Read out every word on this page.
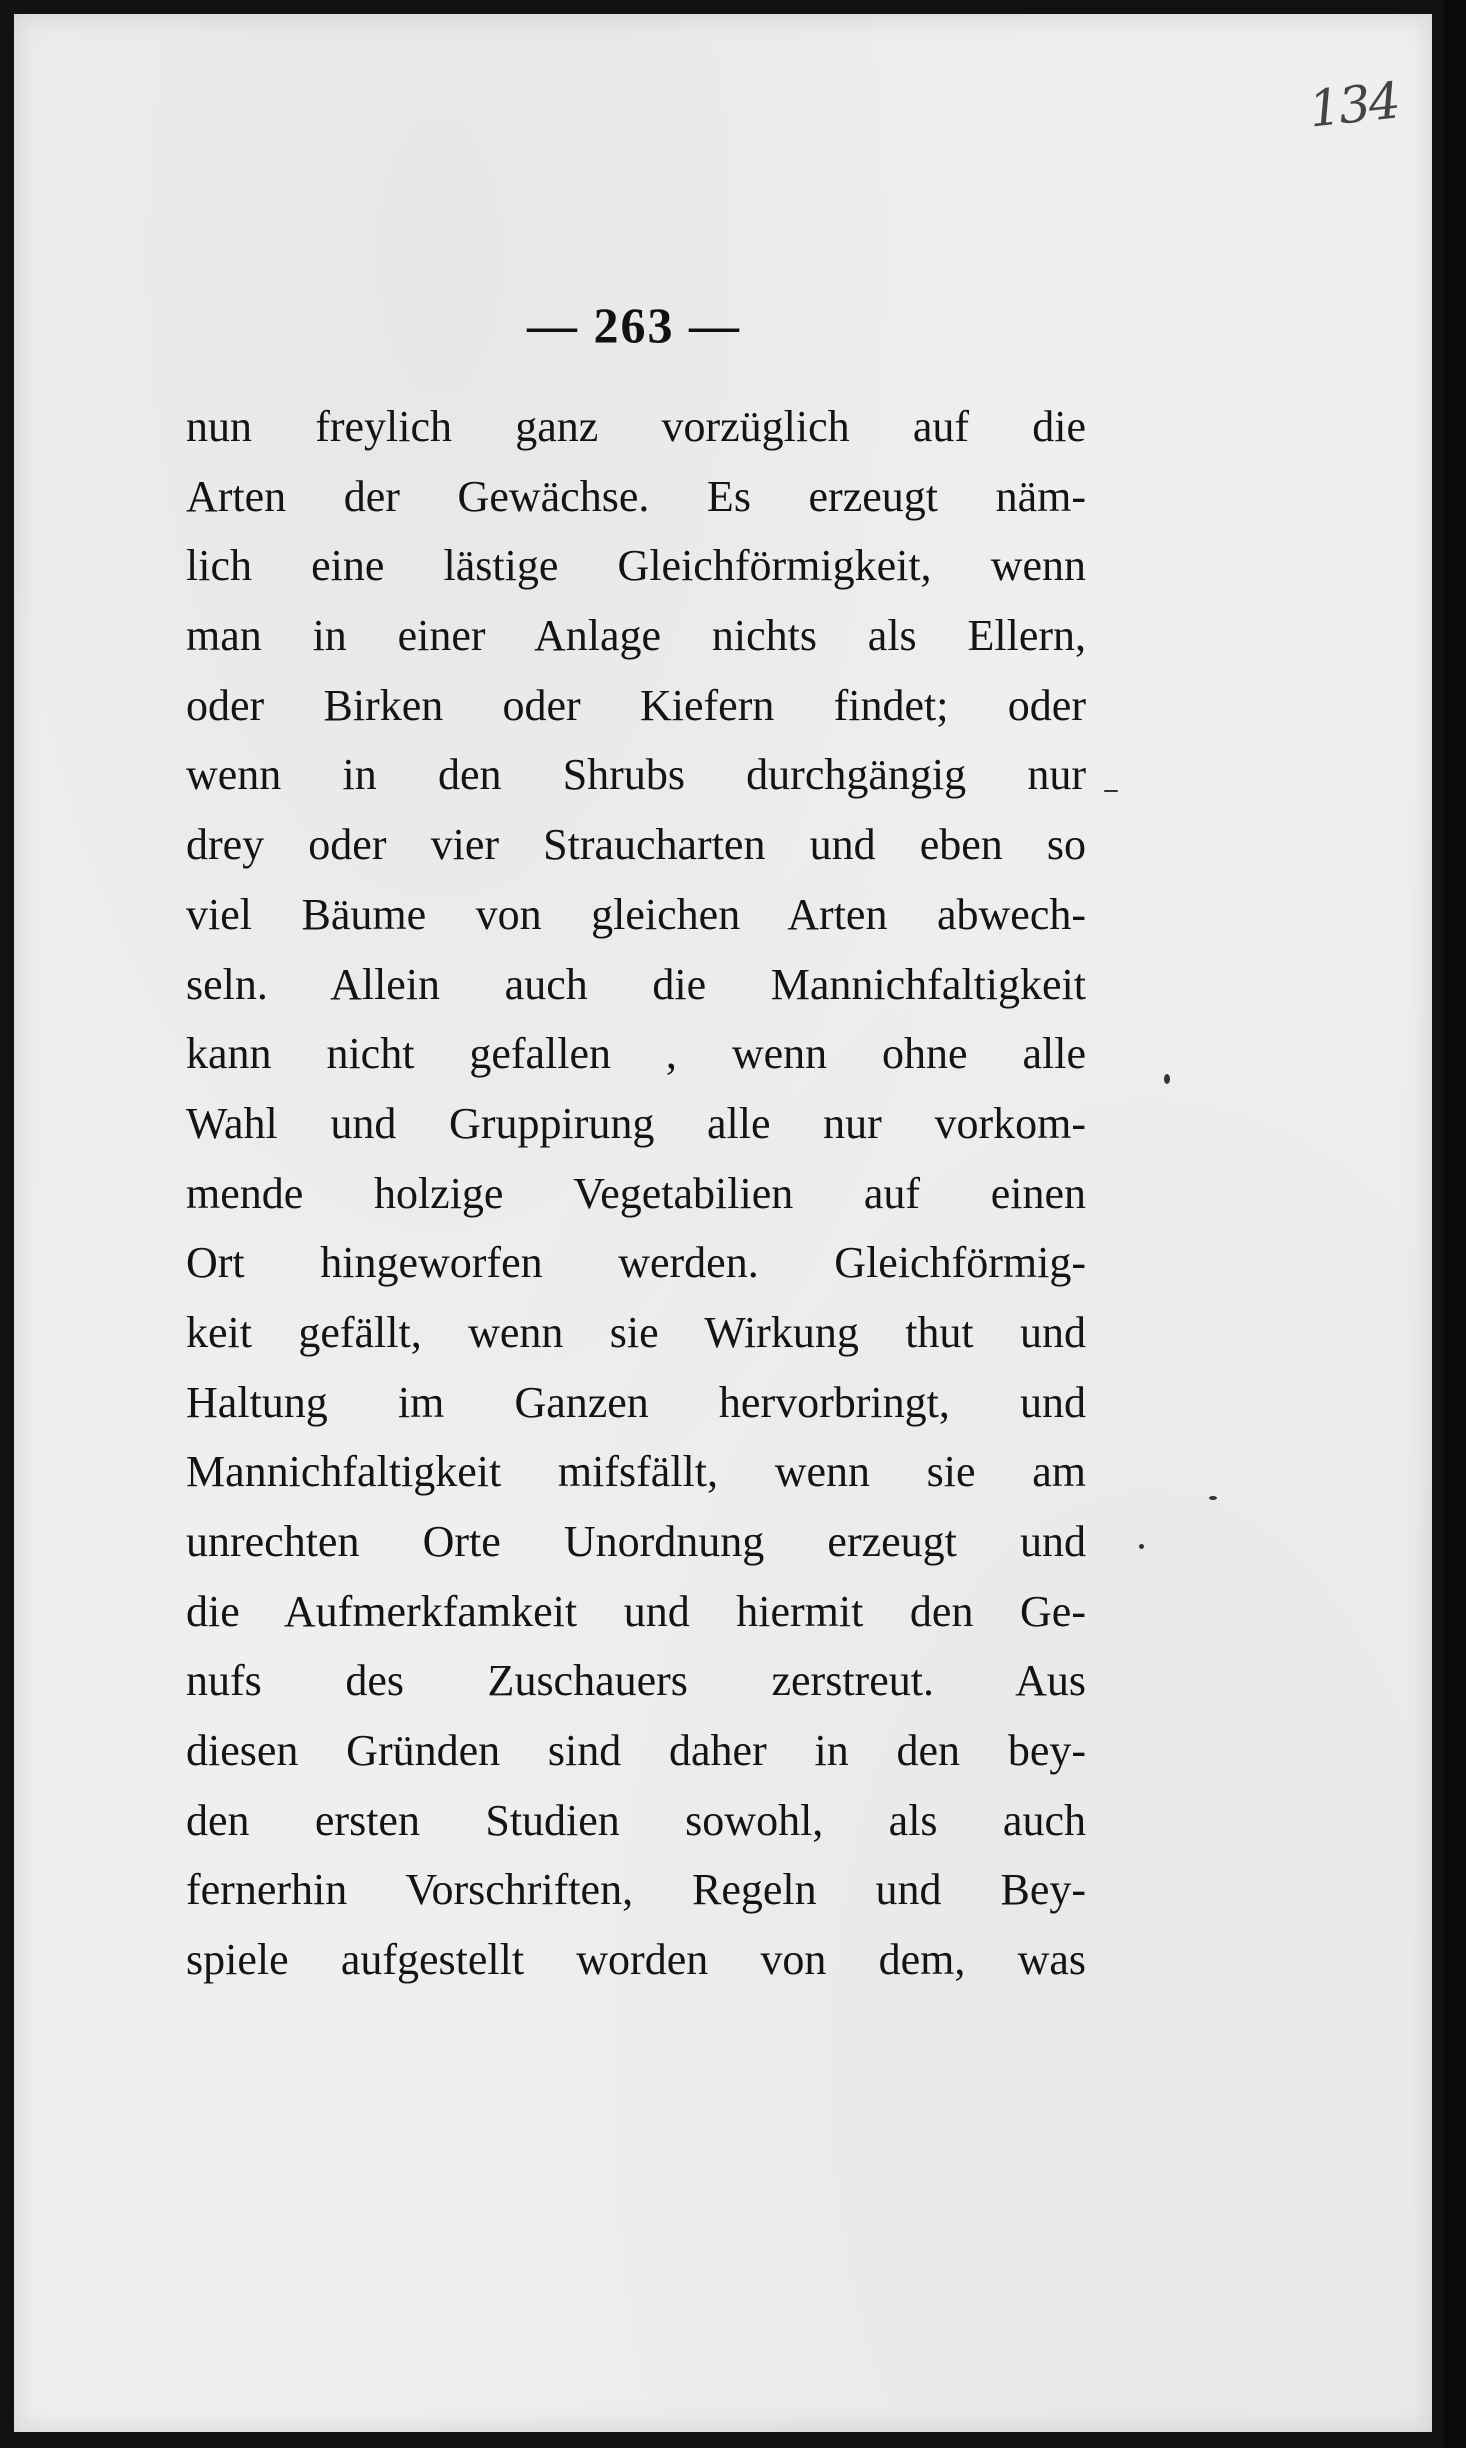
134
— 263 —
nun freylich ganz vorzüglich auf die
Arten der Gewächse. Es erzeugt näm-
lich eine lästige Gleichförmigkeit, wenn
man in einer Anlage nichts als Ellern,
oder Birken oder Kiefern findet; oder
wenn in den Shrubs durchgängig nur
drey oder vier Straucharten und eben so
viel Bäume von gleichen Arten abwech-
seln. Allein auch die Mannichfaltigkeit
kann nicht gefallen , wenn ohne alle
Wahl und Gruppirung alle nur vorkom-
mende holzige Vegetabilien auf einen
Ort hingeworfen werden. Gleichförmig-
keit gefällt, wenn sie Wirkung thut und
Haltung im Ganzen hervorbringt, und
Mannichfaltigkeit mifsfällt, wenn sie am
unrechten Orte Unordnung erzeugt und
die Aufmerkfamkeit und hiermit den Ge-
nufs des Zuschauers zerstreut. Aus
diesen Gründen sind daher in den bey-
den ersten Studien sowohl, als auch
fernerhin Vorschriften, Regeln und Bey-
spiele aufgestellt worden von dem, was
